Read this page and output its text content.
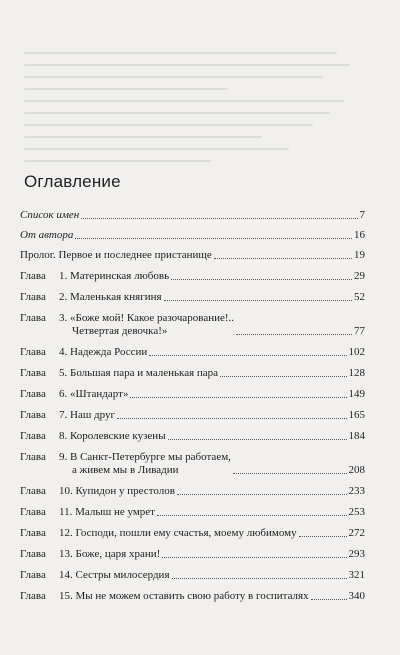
Оглавление
Список имен	7
От автора	16
Пролог. Первое и последнее пристанище	19
Глава	1. Материнская любовь	29
Глава	2. Маленькая княгиня	52
Глава	3. «Боже мой! Какое разочарование!..
Четвертая девочка!»	77
Глава	4. Надежда России	102
Глава	5. Большая пара и маленькая пара	128
Глава	6. «Штандарт»	149
Глава	7. Наш друг	165
Глава	8. Королевские кузены	184
Глава	9. В Санкт-Петербурге мы работаем,
а живем мы в Ливадии	208
Глава	10. Купидон у престолов	233
Глава	11. Малыш не умрет	253
Глава	12. Господи, пошли ему счастья, моему любимому	272
Глава	13. Боже, царя храни!	293
Глава	14. Сестры милосердия	321
Глава	15. Мы не можем оставить свою работу в госпиталях	340
